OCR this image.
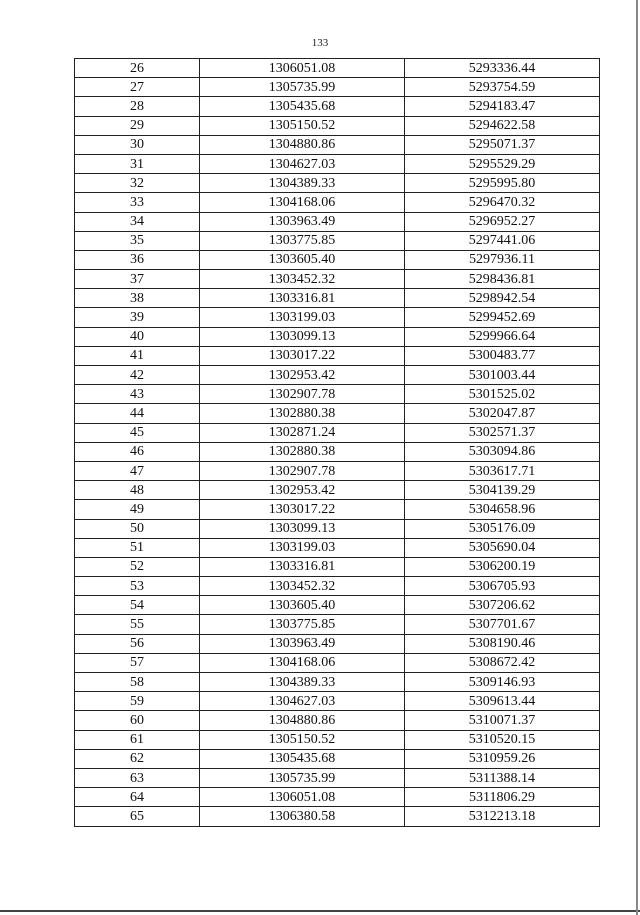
133
26	1306051.08	5293336.44
27	1305735.99	5293754.59
28	1305435.68	5294183.47
29	1305150.52	5294622.58
30	1304880.86	5295071.37
31	1304627.03	5295529.29
32	1304389.33	5295995.80
33	1304168.06	5296470.32
34	1303963.49	5296952.27
35	1303775.85	5297441.06
36	1303605.40	5297936.11
37	1303452.32	5298436.81
38	1303316.81	5298942.54
39	1303199.03	5299452.69
40	1303099.13	5299966.64
41	1303017.22	5300483.77
42	1302953.42	5301003.44
43	1302907.78	5301525.02
44	1302880.38	5302047.87
45	1302871.24	5302571.37
46	1302880.38	5303094.86
47	1302907.78	5303617.71
48	1302953.42	5304139.29
49	1303017.22	5304658.96
50	1303099.13	5305176.09
51	1303199.03	5305690.04
52	1303316.81	5306200.19
53	1303452.32	5306705.93
54	1303605.40	5307206.62
55	1303775.85	5307701.67
56	1303963.49	5308190.46
57	1304168.06	5308672.42
58	1304389.33	5309146.93
59	1304627.03	5309613.44
60	1304880.86	5310071.37
61	1305150.52	5310520.15
62	1305435.68	5310959.26
63	1305735.99	5311388.14
64	1306051.08	5311806.29
65	1306380.58	5312213.18
